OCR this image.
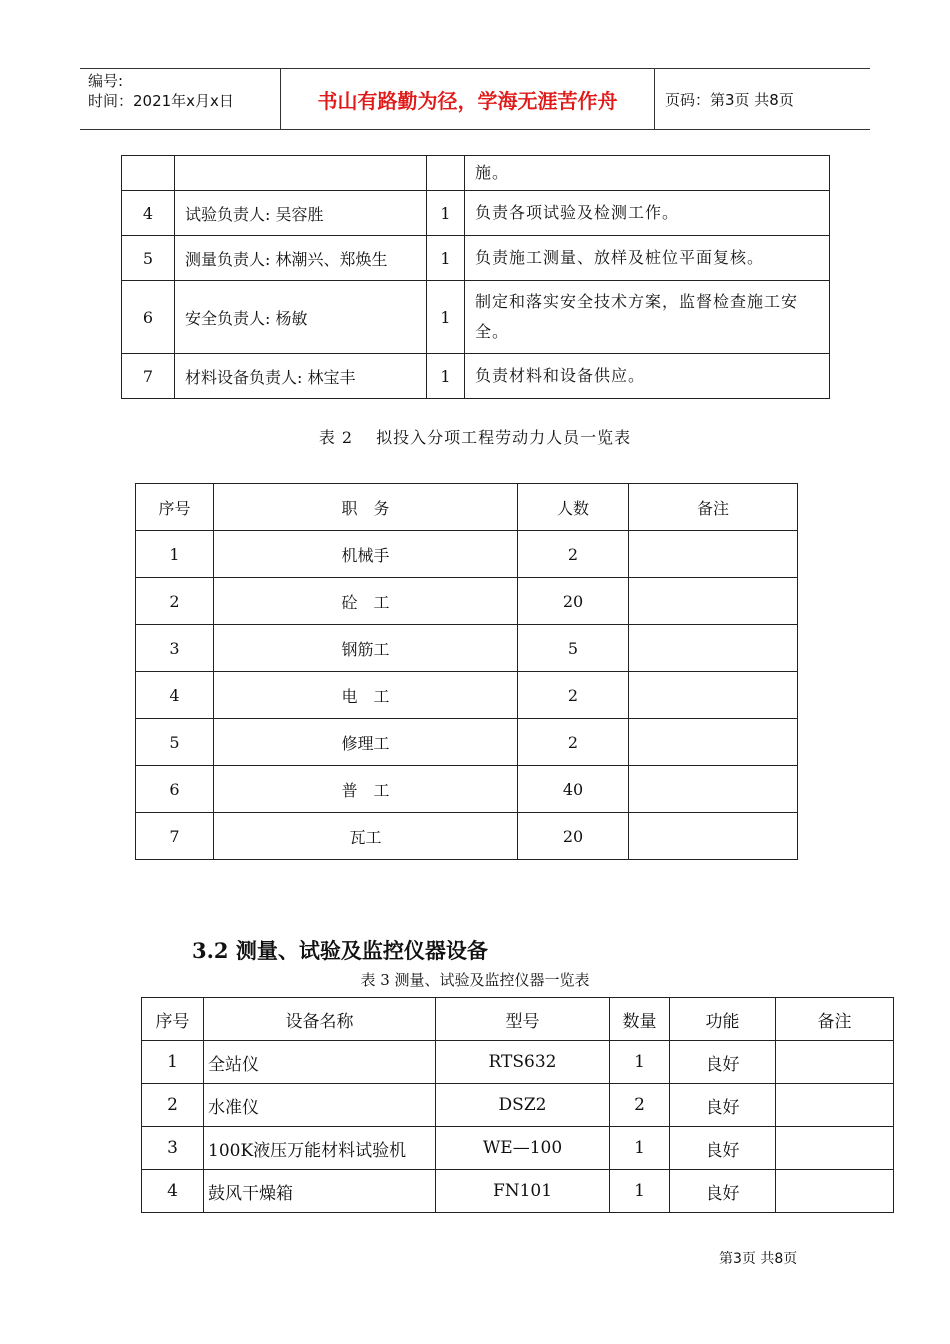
编号:
时间：2021年x月x日	书山有路勤为径，学海无涯苦作舟	页码：第3页 共8页
			施。
4	试验负责人: 吴容胜	1	负责各项试验及检测工作。
5	测量负责人: 林潮兴、郑焕生	1	负责施工测量、放样及桩位平面复核。
6	安全负责人: 杨敏	1	制定和落实安全技术方案，监督检查施工安全。
7	材料设备负责人: 林宝丰	1	负责材料和设备供应。
表 2　 拟投入分项工程劳动力人员一览表
序号	职　务	人数	备注
1	机械手	2	
2	砼　工	20	
3	钢筋工	5	
4	电　工	2	
5	修理工	2	
6	普　工	40	
7	瓦工	20	
3.2 测量、试验及监控仪器设备
表 3 测量、试验及监控仪器一览表
序号	设备名称	型号	数量	功能	备注
1	全站仪	RTS632	1	良好	
2	水准仪	DSZ2	2	良好	
3	100K液压万能材料试验机	WE—100	1	良好	
4	鼓风干燥箱	FN101	1	良好	
第3页 共8页
